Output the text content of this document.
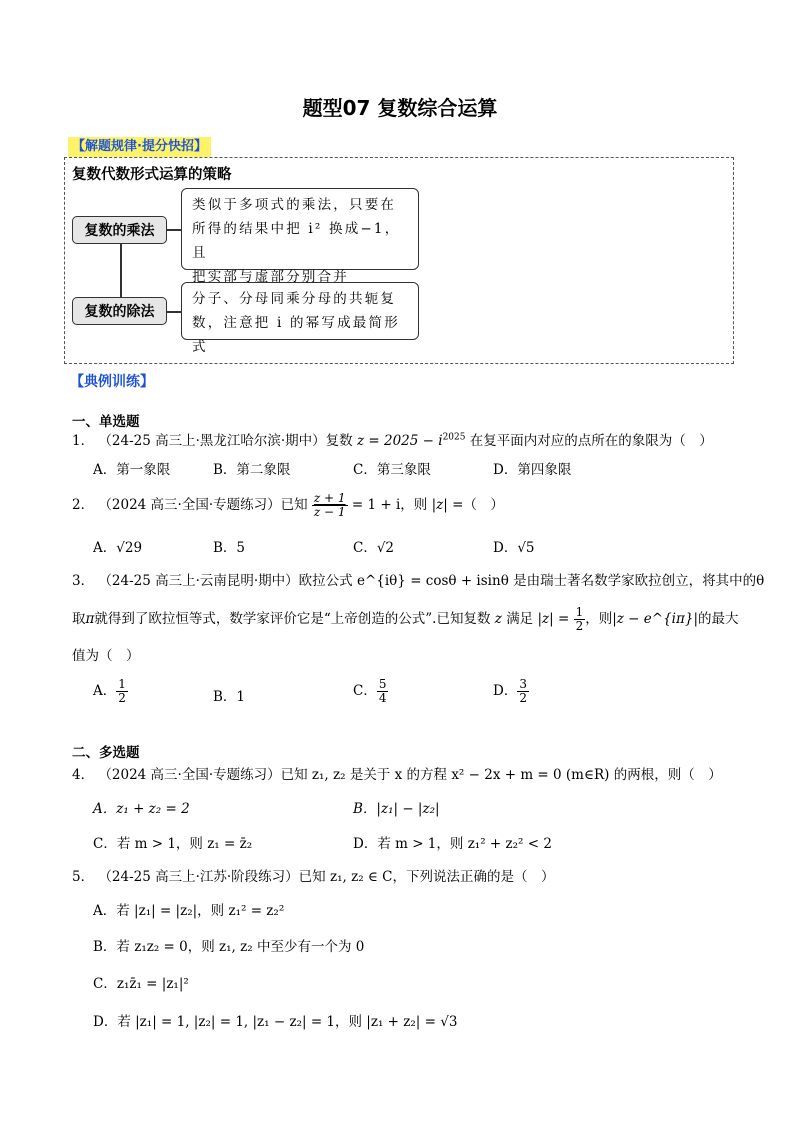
题型07 复数综合运算
【解题规律·提分快招】
复数代数形式运算的策略
复数的乘法
类似于多项式的乘法，只要在
所得的结果中把 i² 换成−1，且
把实部与虚部分别合并
复数的除法
分子、分母同乘分母的共轭复
数，注意把 i 的幂写成最简形式
【典例训练】
一、单选题
1． （24-25 高三上·黑龙江哈尔滨·期中）复数 $z = 2025 - i^{2025}$ 在复平面内对应的点所在的象限为（　）
A．第一象限	B．第二象限	C．第三象限	D．第四象限
2． （2024 高三·全国·专题练习）已知 $\frac{z + 1}{z - 1} = 1 + i$，则 |z| =（　）
A．√29	B．5	C．√2	D．√5
3． （24-25 高三上·云南昆明·期中）欧拉公式 e^{iθ} = cosθ + isinθ 是由瑞士著名数学家欧拉创立，将其中的θ
取π就得到了欧拉恒等式，数学家评价它是“上帝创造的公式”.已知复数 z 满足 $|z| = \frac{1}{2}$ ，则|z − e^{iπ}|的最大
值为（　）
A． $\frac{1}{2}$	B．1	C． $\frac{5}{4}$	D． $\frac{3}{2}$
二、多选题
4． （2024 高三·全国·专题练习）已知 z₁, z₂ 是关于 x 的方程 x² − 2x + m = 0 (m∈R) 的两根，则（　）
A．z₁ + z₂ = 2	B．|z₁| − |z₂|
C．若 m > 1，则 z₁ = z̄₂	D．若 m > 1，则 z₁² + z₂² < 2
5． （24-25 高三上·江苏·阶段练习）已知 z₁, z₂ ∈ C，下列说法正确的是（　）
A．若 |z₁| = |z₂|，则 z₁² = z₂²
B．若 z₁z₂ = 0，则 z₁, z₂ 中至少有一个为 0
C．z₁z̄₁ = |z₁|²
D．若 |z₁| = 1, |z₂| = 1, |z₁ − z₂| = 1，则 |z₁ + z₂| = √3
